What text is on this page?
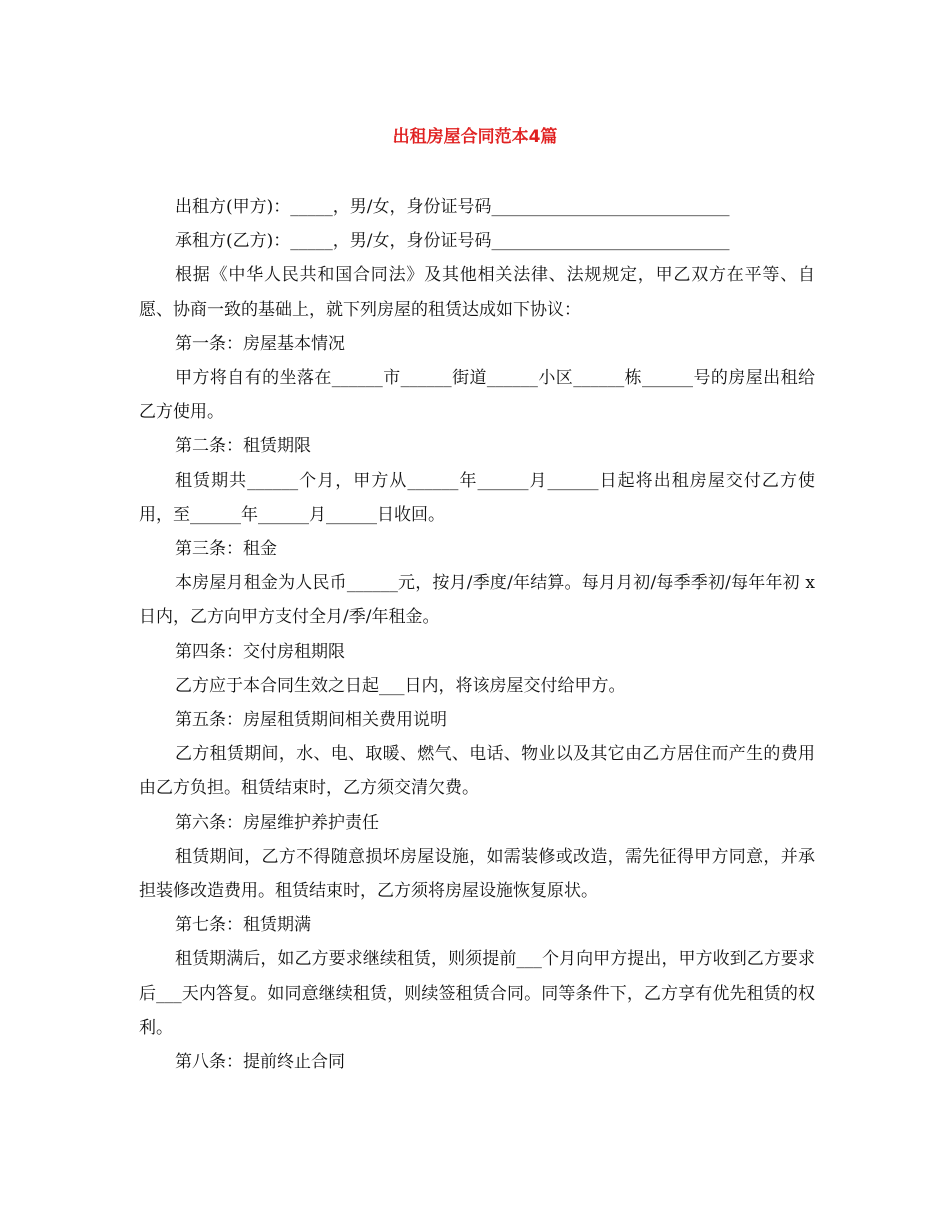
出租房屋合同范本4篇

出租方(甲方)：_____，男/女，身份证号码____________________________

承租方(乙方)：_____，男/女，身份证号码____________________________

根据《中华人民共和国合同法》及其他相关法律、法规规定，甲乙双方在平等、自愿、协商一致的基础上，就下列房屋的租赁达成如下协议：

第一条：房屋基本情况

甲方将自有的坐落在______市______街道______小区______栋______号的房屋出租给乙方使用。

第二条：租赁期限

租赁期共______个月，甲方从______年______月______日起将出租房屋交付乙方使用，至______年______月______日收回。

第三条：租金

本房屋月租金为人民币______元，按月/季度/年结算。每月月初/每季季初/每年年初 x 日内，乙方向甲方支付全月/季/年租金。

第四条：交付房租期限

乙方应于本合同生效之日起___日内，将该房屋交付给甲方。

第五条：房屋租赁期间相关费用说明

乙方租赁期间，水、电、取暖、燃气、电话、物业以及其它由乙方居住而产生的费用由乙方负担。租赁结束时，乙方须交清欠费。

第六条：房屋维护养护责任

租赁期间，乙方不得随意损坏房屋设施，如需装修或改造，需先征得甲方同意，并承担装修改造费用。租赁结束时，乙方须将房屋设施恢复原状。

第七条：租赁期满

租赁期满后，如乙方要求继续租赁，则须提前___个月向甲方提出，甲方收到乙方要求后___天内答复。如同意继续租赁，则续签租赁合同。同等条件下，乙方享有优先租赁的权利。

第八条：提前终止合同
